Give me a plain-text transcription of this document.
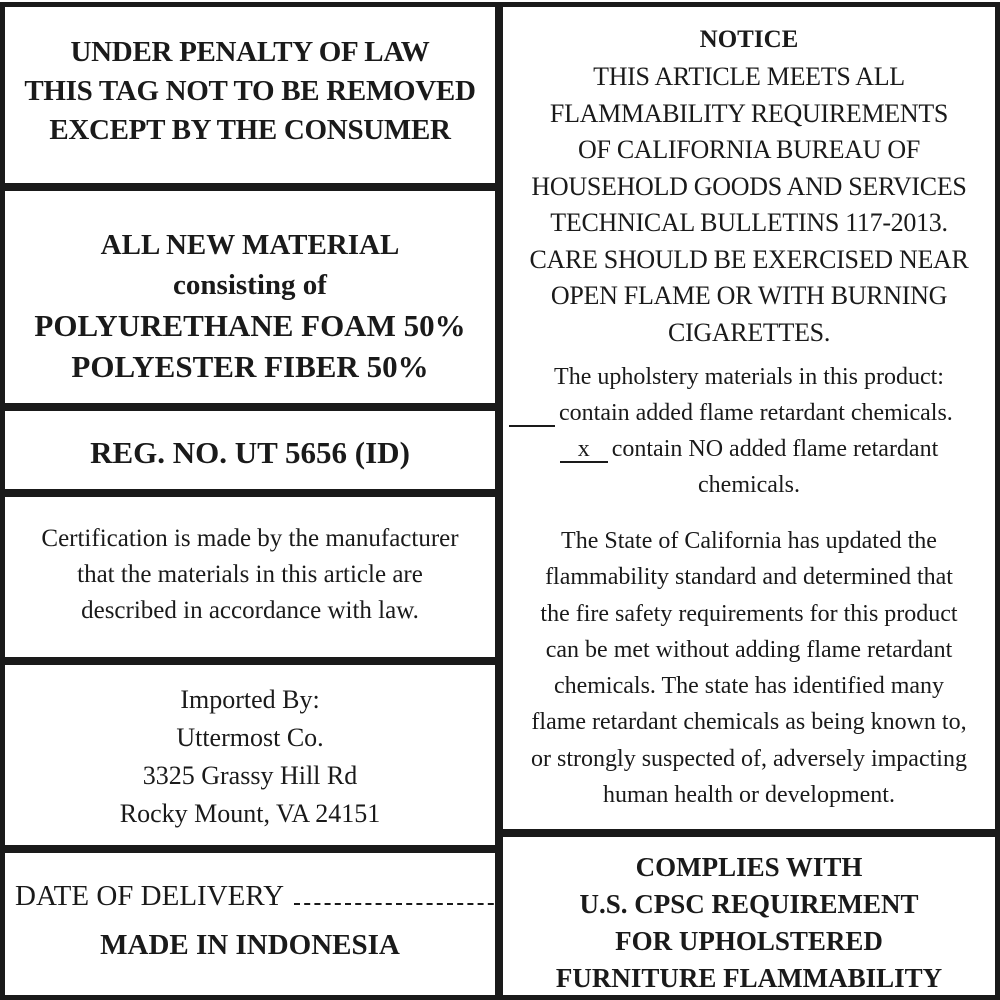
UNDER PENALTY OF LAW
THIS TAG NOT TO BE REMOVED
EXCEPT BY THE CONSUMER
ALL NEW MATERIAL
consisting of
POLYURETHANE FOAM 50%
POLYESTER FIBER 50%
REG. NO. UT 5656 (ID)
Certification is made by the manufacturer
that the materials in this article are
described in accordance with law.
Imported By:
Uttermost Co.
3325 Grassy Hill Rd
Rocky Mount, VA 24151
DATE OF DELIVERY
MADE IN INDONESIA
NOTICE
THIS ARTICLE MEETS ALL
FLAMMABILITY REQUIREMENTS
OF CALIFORNIA BUREAU OF
HOUSEHOLD GOODS AND SERVICES
TECHNICAL BULLETINS 117-2013.
CARE SHOULD BE EXERCISED NEAR
OPEN FLAME OR WITH BURNING
CIGARETTES.
The upholstery materials in this product:
contain added flame retardant chemicals.
x contain NO added flame retardant
chemicals.
The State of California has updated the
flammability standard and determined that
the fire safety requirements for this product
can be met without adding flame retardant
chemicals. The state has identified many
flame retardant chemicals as being known to,
or strongly suspected of, adversely impacting
human health or development.
COMPLIES WITH
U.S. CPSC REQUIREMENT
FOR UPHOLSTERED
FURNITURE FLAMMABILITY
